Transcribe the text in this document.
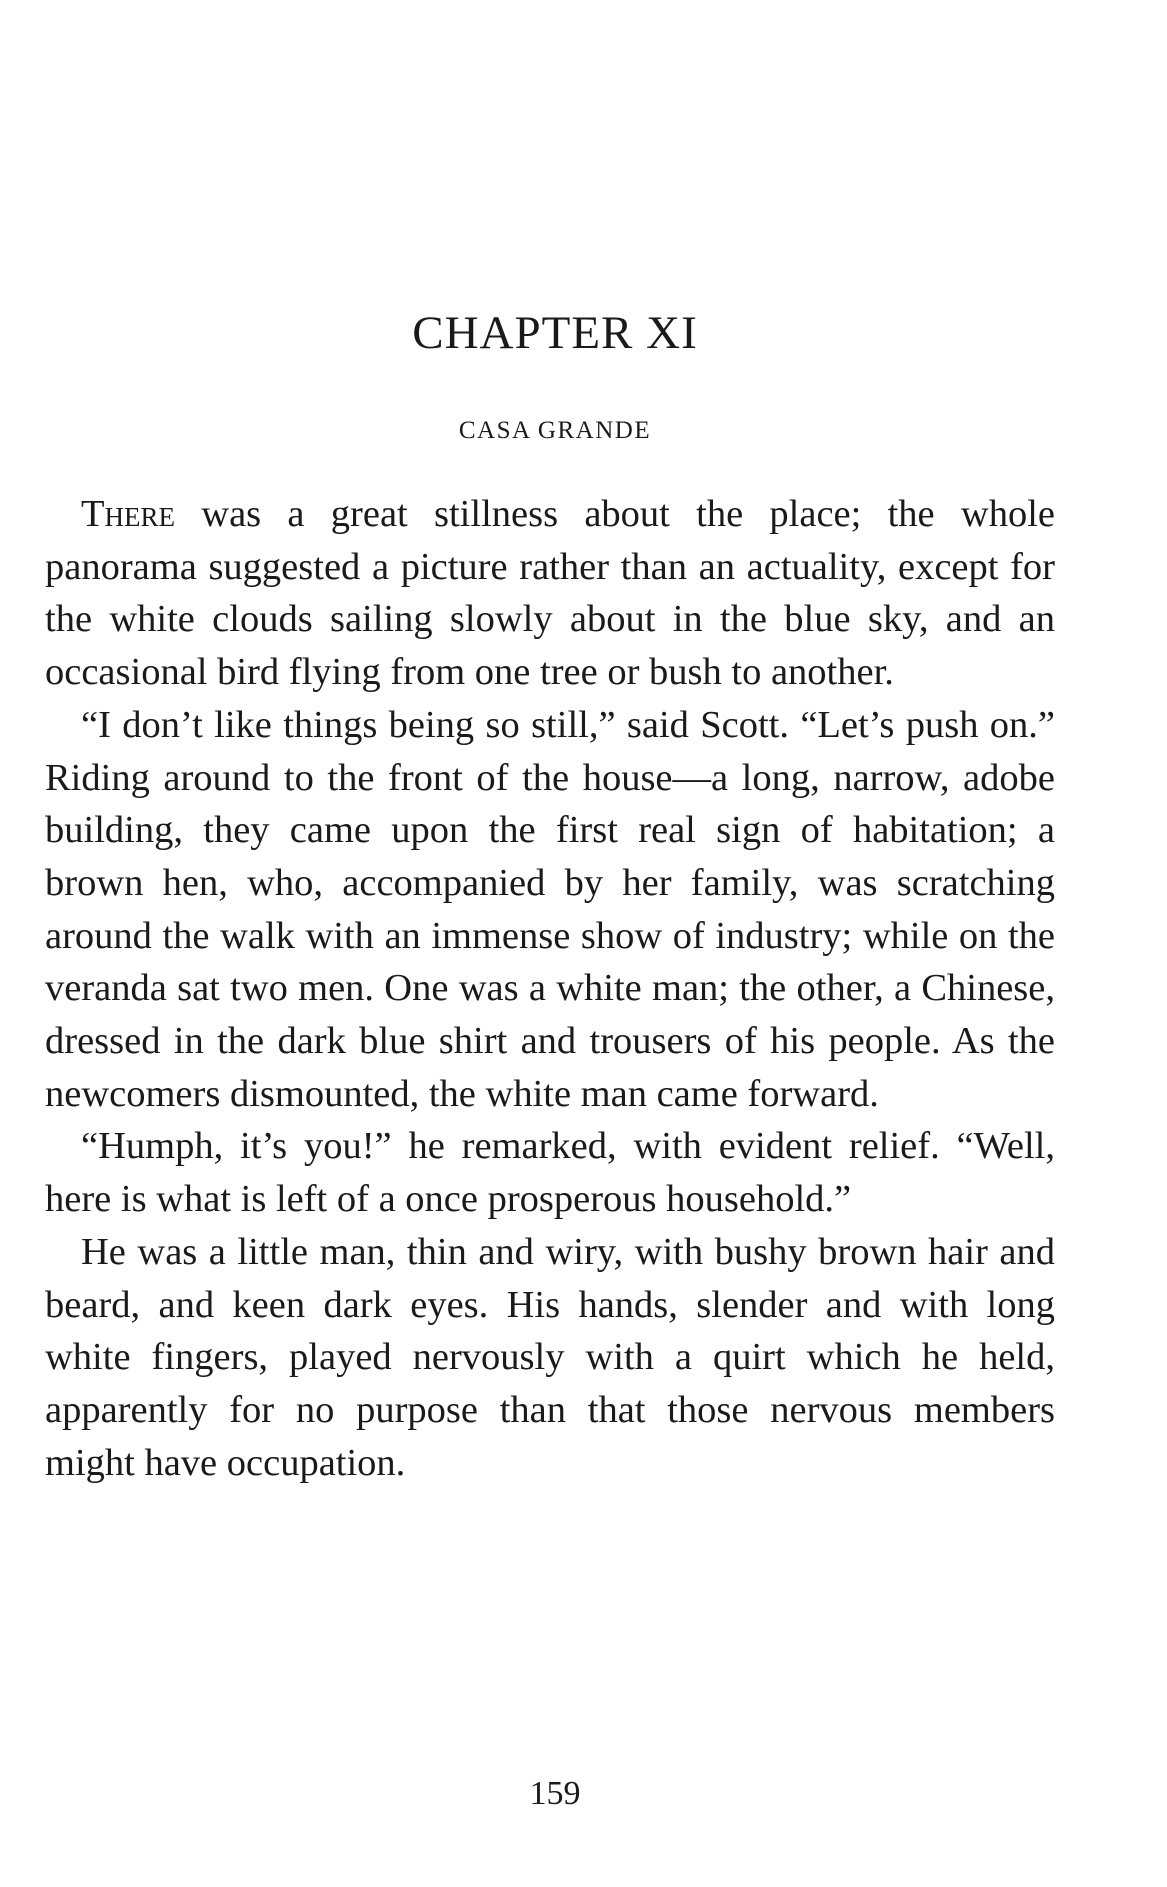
CHAPTER XI
CASA GRANDE

There was a great stillness about the place; the whole panorama suggested a picture rather than an actuality, except for the white clouds sailing slowly about in the blue sky, and an occasional bird flying from one tree or bush to another.

“I don’t like things being so still,” said Scott. “Let’s push on.” Riding around to the front of the house—a long, narrow, adobe building, they came upon the first real sign of habitation; a brown hen, who, accompanied by her family, was scratching around the walk with an immense show of industry; while on the veranda sat two men. One was a white man; the other, a Chinese, dressed in the dark blue shirt and trousers of his people. As the newcomers dismounted, the white man came forward.

“Humph, it’s you!” he remarked, with evident relief. “Well, here is what is left of a once prosperous household.”

He was a little man, thin and wiry, with bushy brown hair and beard, and keen dark eyes. His hands, slender and with long white fingers, played nervously with a quirt which he held, apparently for no purpose than that those nervous members might have occupation.

159
